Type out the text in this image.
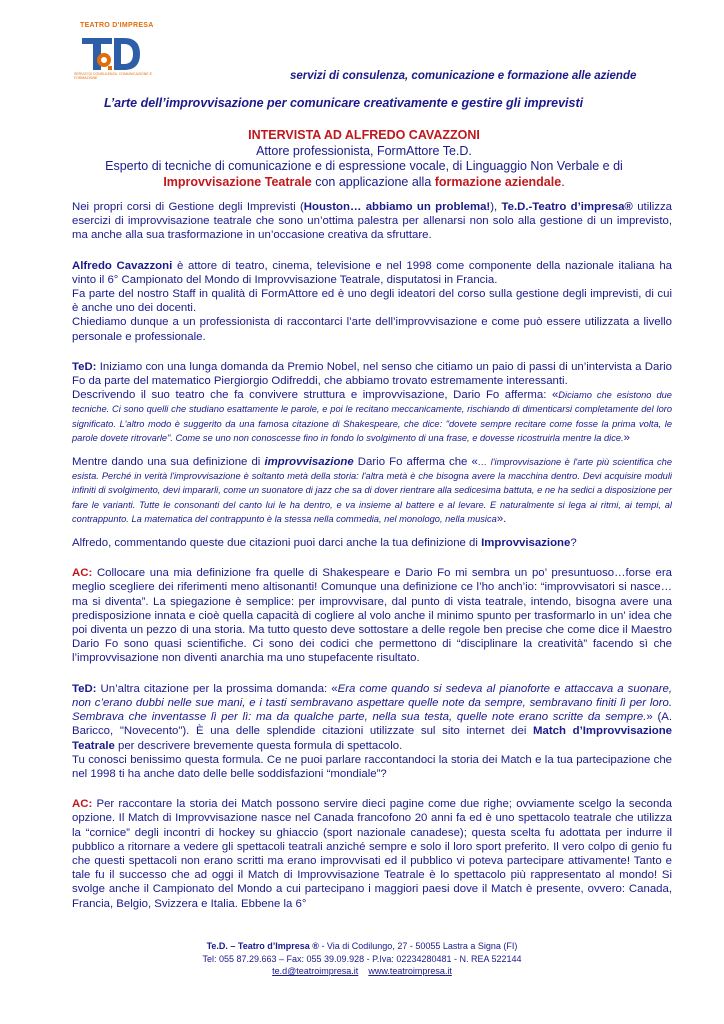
TEATRO D'IMPRESA
SERVIZI DI CONSULENZA, COMUNICAZIONE E FORMAZIONE	servizi di consulenza, comunicazione e formazione alle aziende
L’arte dell’improvvisazione per comunicare creativamente e gestire gli imprevisti
INTERVISTA AD ALFREDO CAVAZZONI
Attore professionista, FormAttore Te.D.
Esperto di tecniche di comunicazione e di espressione vocale, di Linguaggio Non Verbale e di
Improvvisazione Teatrale con applicazione alla formazione aziendale.

Nei propri corsi di Gestione degli Imprevisti (Houston… abbiamo un problema!), Te.D.-Teatro d’impresa® utilizza esercizi di improvvisazione teatrale che sono un’ottima palestra per allenarsi non solo alla gestione di un imprevisto, ma anche alla sua trasformazione in un’occasione creativa da sfruttare.

Alfredo Cavazzoni è attore di teatro, cinema, televisione e nel 1998 come componente della nazionale italiana ha vinto il 6° Campionato del Mondo di Improvvisazione Teatrale, disputatosi in Francia.
Fa parte del nostro Staff in qualità di FormAttore ed è uno degli ideatori del corso sulla gestione degli imprevisti, di cui è anche uno dei docenti.
Chiediamo dunque a un professionista di raccontarci l’arte dell’improvvisazione e come può essere utilizzata a livello personale e professionale.

TeD: Iniziamo con una lunga domanda da Premio Nobel, nel senso che citiamo un paio di passi di un’intervista a Dario Fo da parte del matematico Piergiorgio Odifreddi, che abbiamo trovato estremamente interessanti.
Descrivendo il suo teatro che fa convivere struttura e improvvisazione, Dario Fo afferma: «Diciamo che esistono due tecniche. Ci sono quelli che studiano esattamente le parole, e poi le recitano meccanicamente, rischiando di dimenticarsi completamente del loro significato. L'altro modo è suggerito da una famosa citazione di Shakespeare, che dice: "dovete sempre recitare come fosse la prima volta, le parole dovete ritrovarle". Come se uno non conoscesse fino in fondo lo svolgimento di una frase, e dovesse ricostruirla mentre la dice.»

Mentre dando una sua definizione di improvvisazione Dario Fo afferma che «… l'improvvisazione è l'arte più scientifica che esista. Perché in verità l'improvvisazione è soltanto metà della storia: l'altra metà è che bisogna avere la macchina dentro. Devi acquisire moduli infiniti di svolgimento, devi impararli, come un suonatore di jazz che sa di dover rientrare alla sedicesima battuta, e ne ha sedici a disposizione per fare le varianti. Tutte le consonanti del canto lui le ha dentro, e va insieme al battere e al levare. E naturalmente si lega ai ritmi, ai tempi, al contrappunto. La matematica del contrappunto è la stessa nella commedia, nel monologo, nella musica».

Alfredo, commentando queste due citazioni puoi darci anche la tua definizione di Improvvisazione?

AC: Collocare una mia definizione fra quelle di Shakespeare e Dario Fo mi sembra un po’ presuntuoso…forse era meglio scegliere dei riferimenti meno altisonanti! Comunque una definizione ce l’ho anch’io: “improvvisatori si nasce…ma si diventa”. La spiegazione è semplice: per improvvisare, dal punto di vista teatrale, intendo, bisogna avere una predisposizione innata e cioè quella capacità di cogliere al volo anche il minimo spunto per trasformarlo in un’ idea che poi diventa un pezzo di una storia. Ma tutto questo deve sottostare a delle regole ben precise che come dice il Maestro Dario Fo sono quasi scientifiche. Ci sono dei codici che permettono di “disciplinare la creatività” facendo sì che l’improvvisazione non diventi anarchia ma uno stupefacente risultato.

TeD: Un’altra citazione per la prossima domanda: «Era come quando si sedeva al pianoforte e attaccava a suonare, non c’erano dubbi nelle sue mani, e i tasti sembravano aspettare quelle note da sempre, sembravano finiti lì per loro. Sembrava che inventasse lì per lì: ma da qualche parte, nella sua testa, quelle note erano scritte da sempre.» (A. Baricco, "Novecento"). È una delle splendide citazioni utilizzate sul sito internet dei Match d’Improvvisazione Teatrale per descrivere brevemente questa formula di spettacolo.
Tu conosci benissimo questa formula. Ce ne puoi parlare raccontandoci la storia dei Match e la tua partecipazione che nel 1998 ti ha anche dato delle belle soddisfazioni “mondiale”?

AC: Per raccontare la storia dei Match possono servire dieci pagine come due righe; ovviamente scelgo la seconda opzione. Il Match di Improvvisazione nasce nel Canada francofono 20 anni fa ed è uno spettacolo teatrale che utilizza la “cornice” degli incontri di hockey su ghiaccio (sport nazionale canadese); questa scelta fu adottata per indurre il pubblico a ritornare a vedere gli spettacoli teatrali anziché sempre e solo il loro sport preferito. Il vero colpo di genio fu che questi spettacoli non erano scritti ma erano improvvisati ed il pubblico vi poteva partecipare attivamente! Tanto e tale fu il successo che ad oggi il Match di Improvvisazione Teatrale è lo spettacolo più rappresentato al mondo! Si svolge anche il Campionato del Mondo a cui partecipano i maggiori paesi dove il Match è presente, ovvero: Canada, Francia, Belgio, Svizzera e Italia. Ebbene la 6°

Te.D. – Teatro d’Impresa ® - Via di Codilungo, 27 - 50055 Lastra a Signa (FI)
Tel: 055 87.29.663 – Fax: 055 39.09.928 - P.Iva: 02234280481 - N. REA 522144
te.d@teatroimpresa.it www.teatroimpresa.it
